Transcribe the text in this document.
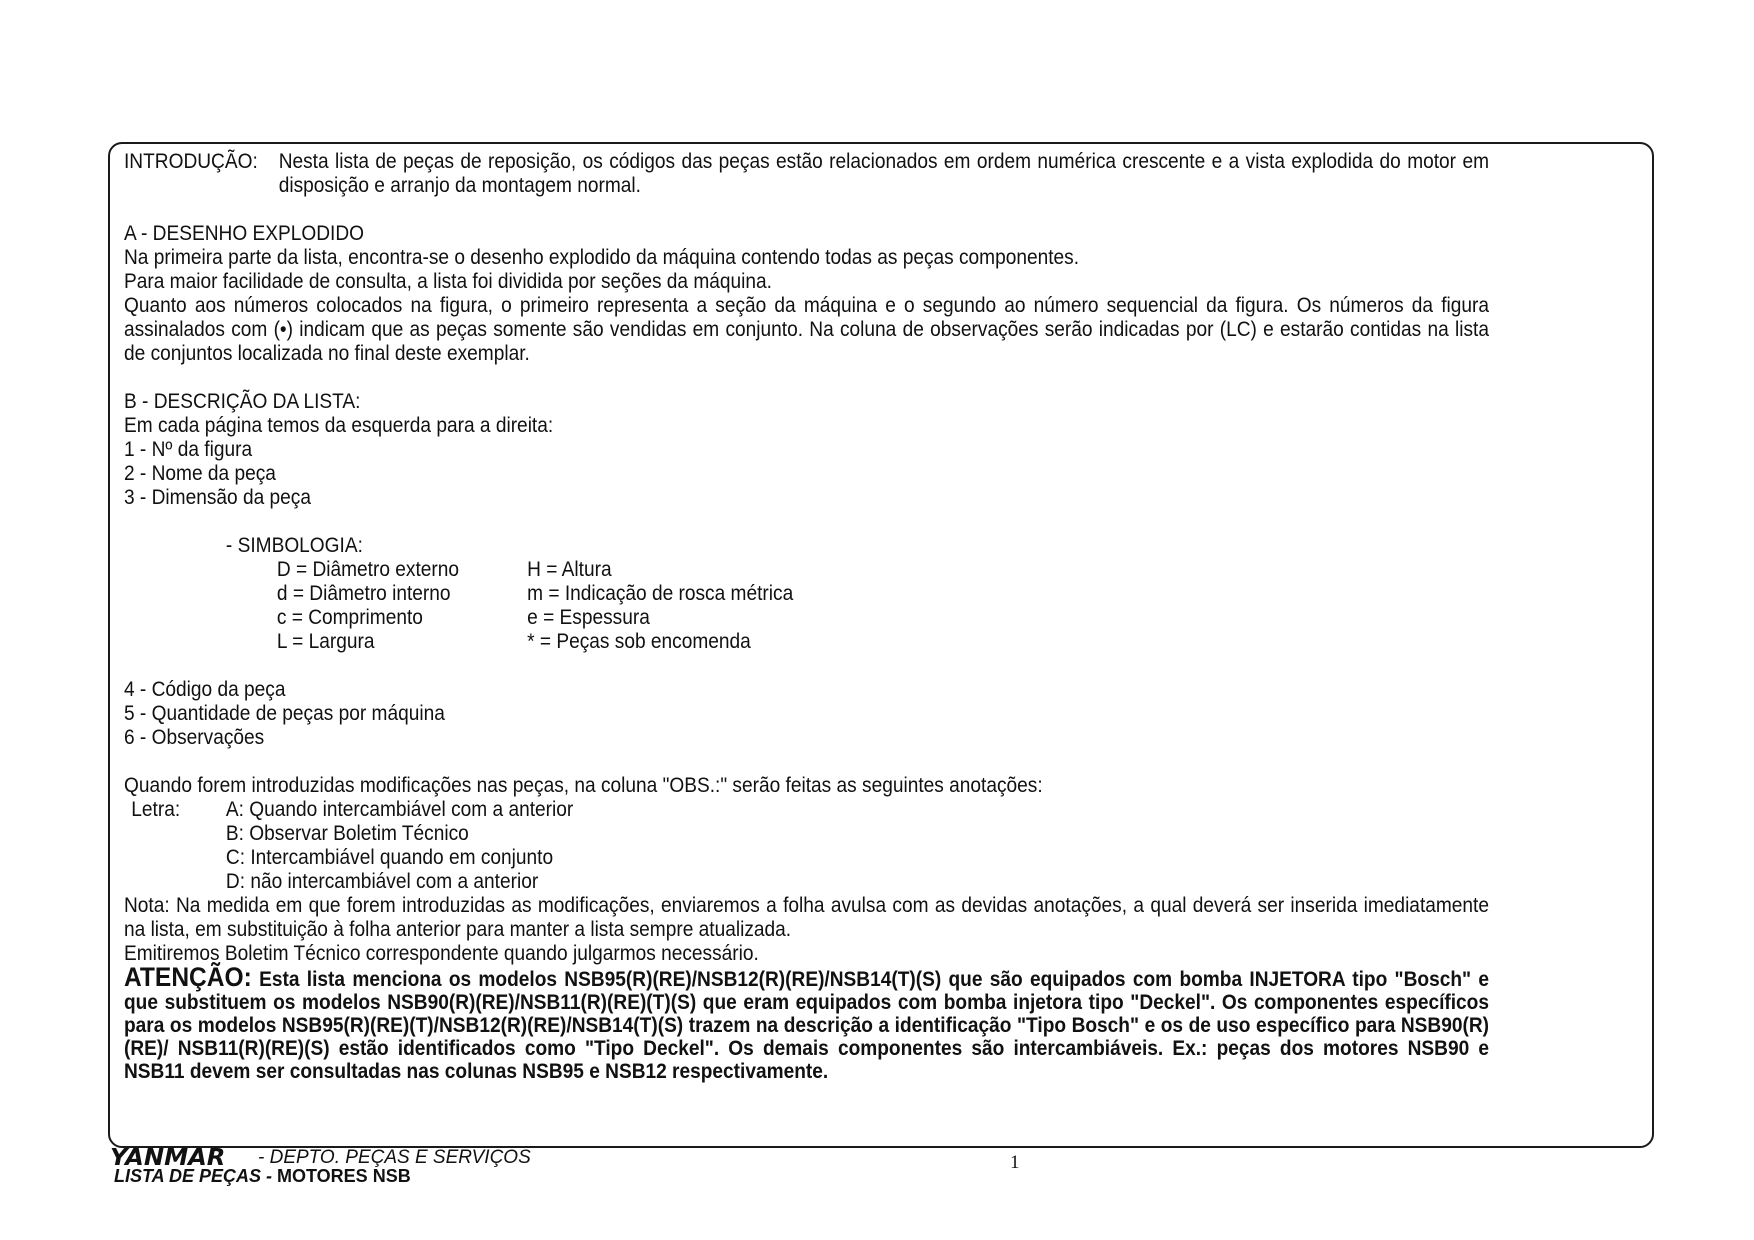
INTRODUÇÃO: Nesta lista de peças de reposição, os códigos das peças estão relacionados em ordem numérica crescente e a vista explodida do motor em disposição e arranjo da montagem normal.

A - DESENHO EXPLODIDO

Na primeira parte da lista, encontra-se o desenho explodido da máquina contendo todas as peças componentes.

Para maior facilidade de consulta, a lista foi dividida por seções da máquina.

Quanto aos números colocados na figura, o primeiro representa a seção da máquina e o segundo ao número sequencial da figura. Os números da figura assinalados com (•) indicam que as peças somente são vendidas em conjunto. Na coluna de observações serão indicadas por (LC) e estarão contidas na lista de conjuntos localizada no final deste exemplar.

B - DESCRIÇÃO DA LISTA:

Em cada página temos da esquerda para a direita:

1 - Nº da figura

2 - Nome da peça

3 - Dimensão da peça

- SIMBOLOGIA:

D = Diâmetro externo	H = Altura
d = Diâmetro interno	m = Indicação de rosca métrica
c = Comprimento	e = Espessura
L = Largura	* = Peças sob encomenda

4 - Código da peça

5 - Quantidade de peças por máquina

6 - Observações

Quando forem introduzidas modificações nas peças, na coluna "OBS.:" serão feitas as seguintes anotações:

Letra:	A: Quando intercambiável com a anterior
B: Observar Boletim Técnico
C: Intercambiável quando em conjunto
D: não intercambiável com a anterior

Nota: Na medida em que forem introduzidas as modificações, enviaremos a folha avulsa com as devidas anotações, a qual deverá ser inserida imediatamente na lista, em substituição à folha anterior para manter a lista sempre atualizada.

Emitiremos Boletim Técnico correspondente quando julgarmos necessário.

ATENÇÃO: Esta lista menciona os modelos NSB95(R)(RE)/NSB12(R)(RE)/NSB14(T)(S) que são equipados com bomba INJETORA tipo "Bosch" e que substituem os modelos NSB90(R)(RE)/NSB11(R)(RE)(T)(S) que eram equipados com bomba injetora tipo "Deckel". Os componentes específicos para os modelos NSB95(R)(RE)(T)/NSB12(R)(RE)/NSB14(T)(S) trazem na descrição a identificação "Tipo Bosch" e os de uso específico para NSB90(R)(RE)/ NSB11(R)(RE)(S) estão identificados como "Tipo Deckel". Os demais componentes são intercambiáveis. Ex.: peças dos motores NSB90 e NSB11 devem ser consultadas nas colunas NSB95 e NSB12 respectivamente.

YANMAR - DEPTO. PEÇAS E SERVIÇOS
LISTA DE PEÇAS - MOTORES NSB
1
